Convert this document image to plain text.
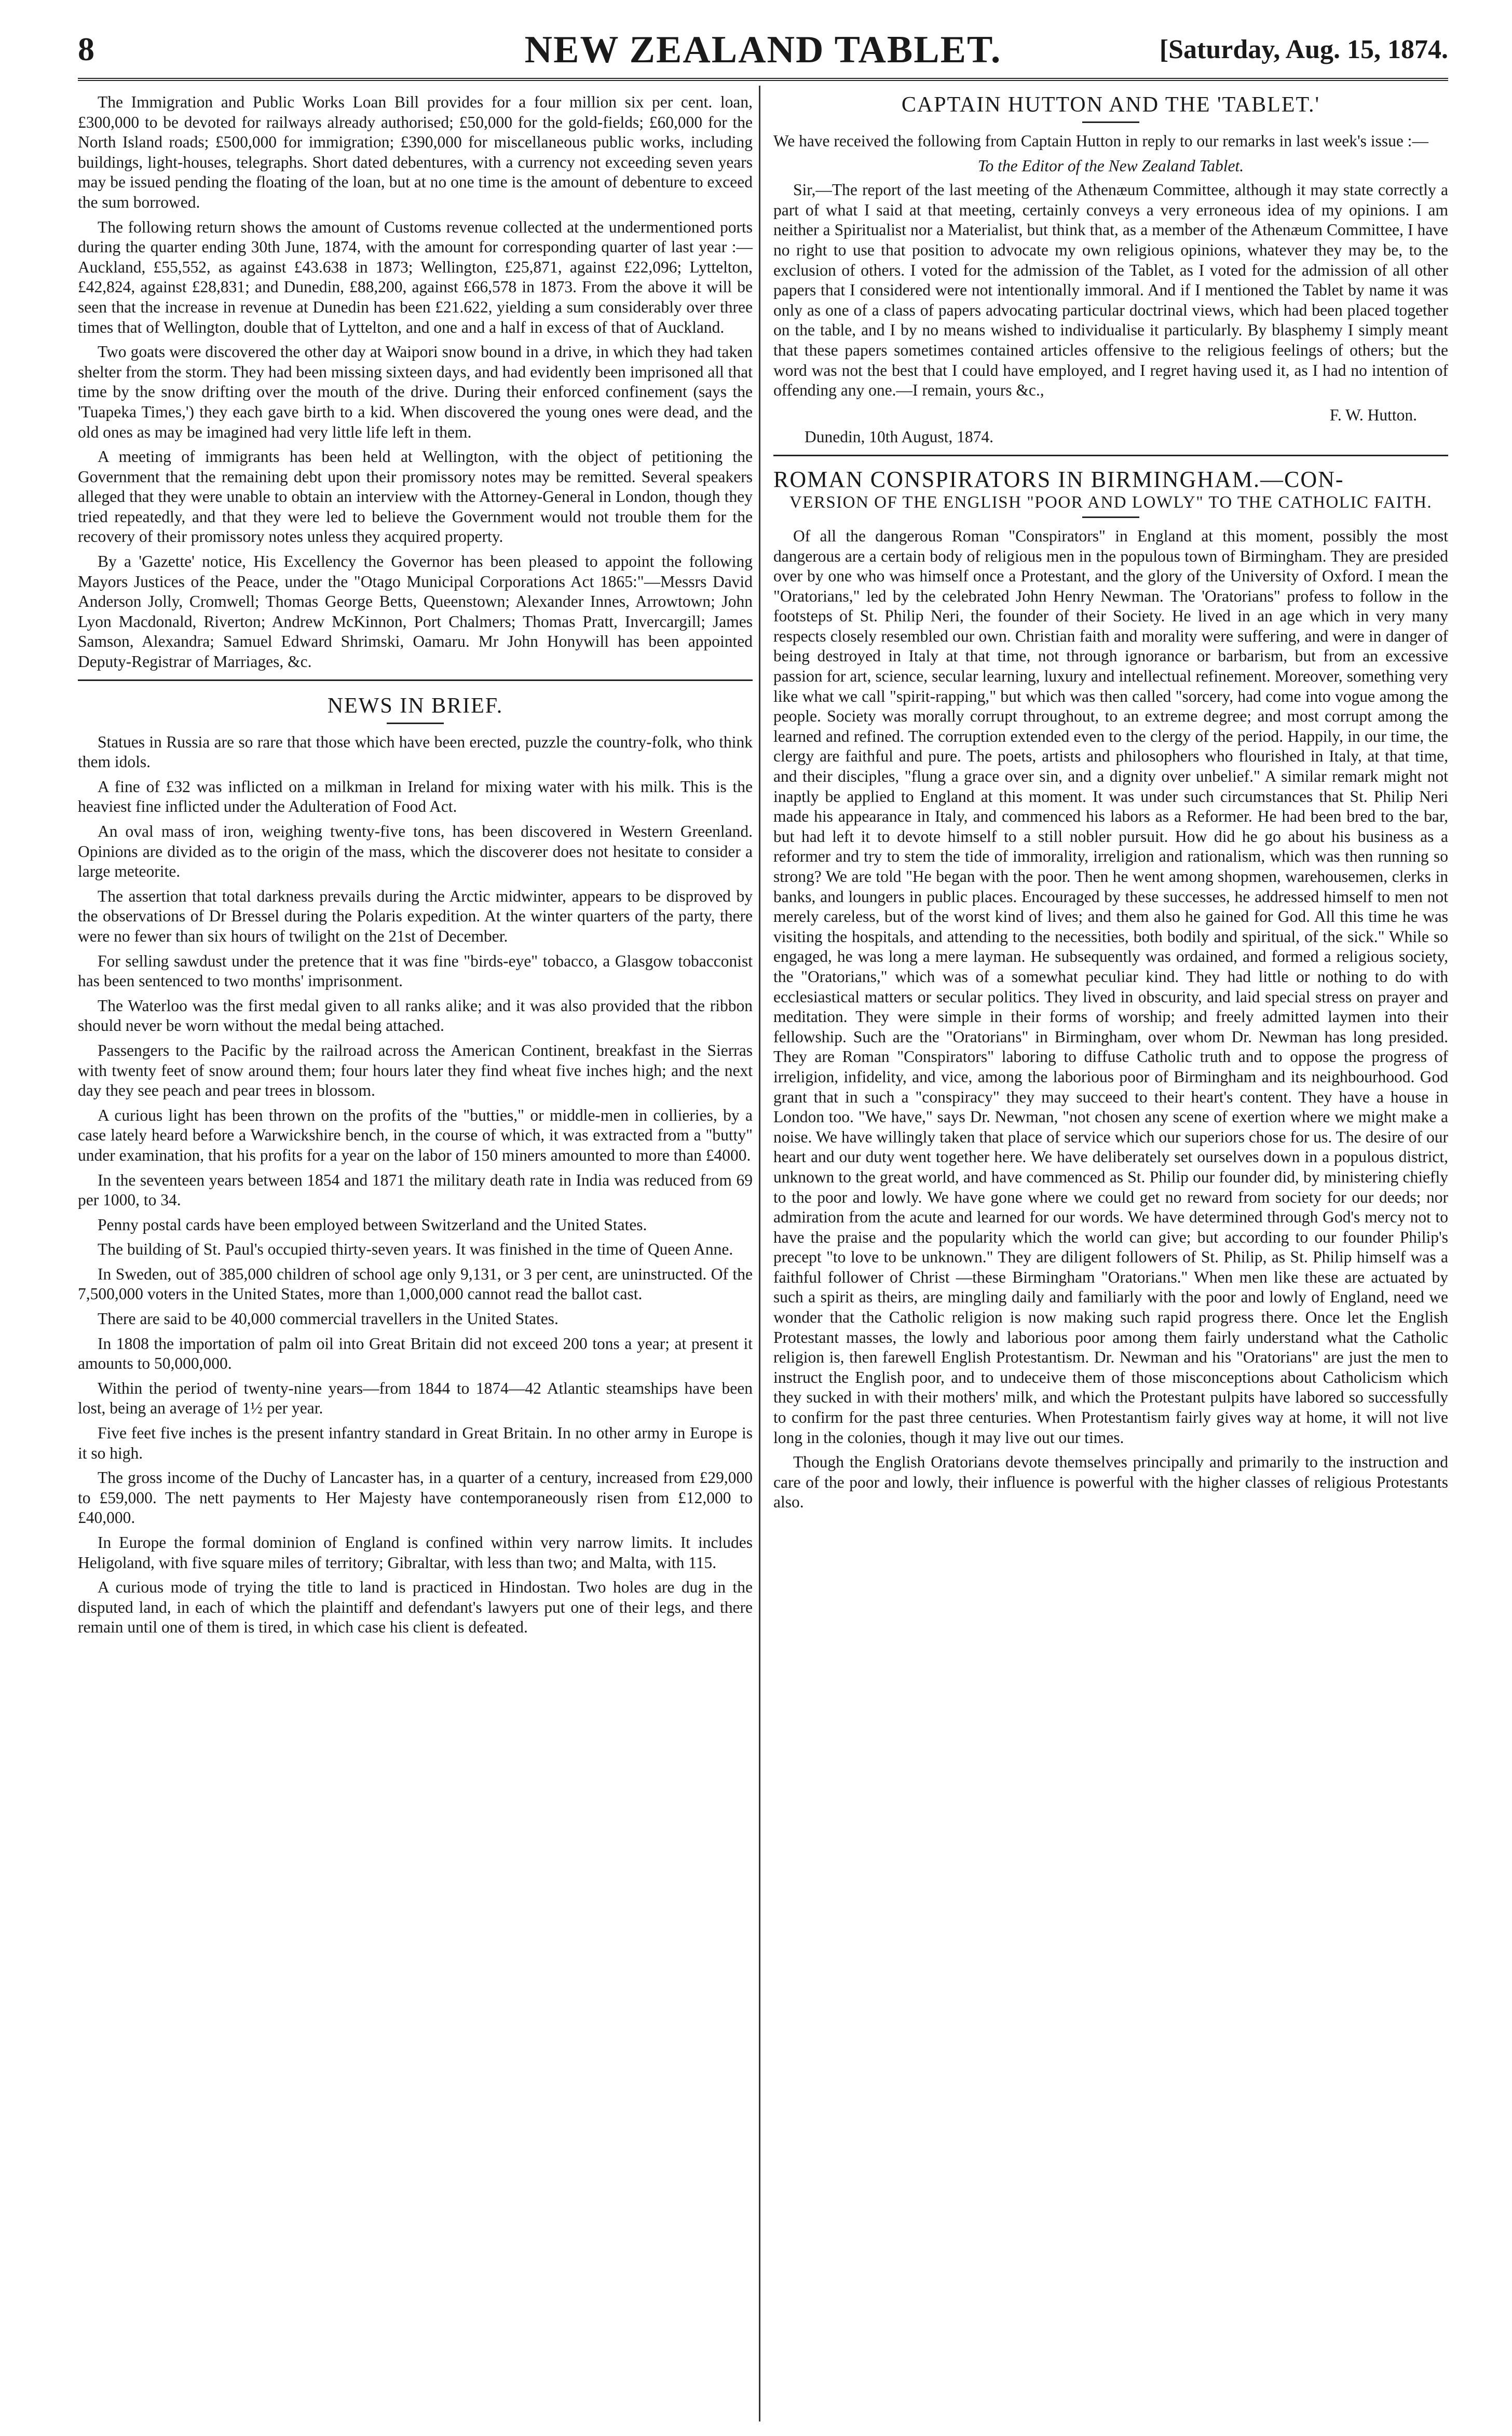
8	NEW ZEALAND TABLET.	[Saturday, Aug. 15, 1874.

The Immigration and Public Works Loan Bill provides for a four million six per cent. loan, £300,000 to be devoted for railways already authorised; £50,000 for the gold-fields; £60,000 for the North Island roads; £500,000 for immigration; £390,000 for miscellaneous public works, including buildings, light-houses, telegraphs. Short dated debentures, with a currency not exceeding seven years may be issued pending the floating of the loan, but at no one time is the amount of debenture to exceed the sum borrowed.

The following return shows the amount of Customs revenue collected at the undermentioned ports during the quarter ending 30th June, 1874, with the amount for corresponding quarter of last year :— Auckland, £55,552, as against £43.638 in 1873; Wellington, £25,871, against £22,096; Lyttelton, £42,824, against £28,831; and Dunedin, £88,200, against £66,578 in 1873. From the above it will be seen that the increase in revenue at Dunedin has been £21.622, yielding a sum considerably over three times that of Wellington, double that of Lyttelton, and one and a half in excess of that of Auckland.

Two goats were discovered the other day at Waipori snow bound in a drive, in which they had taken shelter from the storm. They had been missing sixteen days, and had evidently been imprisoned all that time by the snow drifting over the mouth of the drive. During their enforced confinement (says the 'Tuapeka Times,') they each gave birth to a kid. When discovered the young ones were dead, and the old ones as may be imagined had very little life left in them.

A meeting of immigrants has been held at Wellington, with the object of petitioning the Government that the remaining debt upon their promissory notes may be remitted. Several speakers alleged that they were unable to obtain an interview with the Attorney-General in London, though they tried repeatedly, and that they were led to believe the Government would not trouble them for the recovery of their promissory notes unless they acquired property.

By a 'Gazette' notice, His Excellency the Governor has been pleased to appoint the following Mayors Justices of the Peace, under the "Otago Municipal Corporations Act 1865:"—Messrs David Anderson Jolly, Cromwell; Thomas George Betts, Queenstown; Alexander Innes, Arrowtown; John Lyon Macdonald, Riverton; Andrew McKinnon, Port Chalmers; Thomas Pratt, Invercargill; James Samson, Alexandra; Samuel Edward Shrimski, Oamaru. Mr John Honywill has been appointed Deputy-Registrar of Marriages, &c.

NEWS IN BRIEF.

Statues in Russia are so rare that those which have been erected, puzzle the country-folk, who think them idols.

A fine of £32 was inflicted on a milkman in Ireland for mixing water with his milk. This is the heaviest fine inflicted under the Adulteration of Food Act.

An oval mass of iron, weighing twenty-five tons, has been discovered in Western Greenland. Opinions are divided as to the origin of the mass, which the discoverer does not hesitate to consider a large meteorite.

The assertion that total darkness prevails during the Arctic midwinter, appears to be disproved by the observations of Dr Bressel during the Polaris expedition. At the winter quarters of the party, there were no fewer than six hours of twilight on the 21st of December.

For selling sawdust under the pretence that it was fine "birds-eye" tobacco, a Glasgow tobacconist has been sentenced to two months' imprisonment.

The Waterloo was the first medal given to all ranks alike; and it was also provided that the ribbon should never be worn without the medal being attached.

Passengers to the Pacific by the railroad across the American Continent, breakfast in the Sierras with twenty feet of snow around them; four hours later they find wheat five inches high; and the next day they see peach and pear trees in blossom.

A curious light has been thrown on the profits of the "butties," or middle-men in collieries, by a case lately heard before a Warwickshire bench, in the course of which, it was extracted from a "butty" under examination, that his profits for a year on the labor of 150 miners amounted to more than £4000.

In the seventeen years between 1854 and 1871 the military death rate in India was reduced from 69 per 1000, to 34.

Penny postal cards have been employed between Switzerland and the United States.

The building of St. Paul's occupied thirty-seven years. It was finished in the time of Queen Anne.

In Sweden, out of 385,000 children of school age only 9,131, or 3 per cent, are uninstructed. Of the 7,500,000 voters in the United States, more than 1,000,000 cannot read the ballot cast.

There are said to be 40,000 commercial travellers in the United States.

In 1808 the importation of palm oil into Great Britain did not exceed 200 tons a year; at present it amounts to 50,000,000.

Within the period of twenty-nine years—from 1844 to 1874—42 Atlantic steamships have been lost, being an average of 1½ per year.

Five feet five inches is the present infantry standard in Great Britain. In no other army in Europe is it so high.

The gross income of the Duchy of Lancaster has, in a quarter of a century, increased from £29,000 to £59,000. The nett payments to Her Majesty have contemporaneously risen from £12,000 to £40,000.

In Europe the formal dominion of England is confined within very narrow limits. It includes Heligoland, with five square miles of territory; Gibraltar, with less than two; and Malta, with 115.

A curious mode of trying the title to land is practiced in Hindostan. Two holes are dug in the disputed land, in each of which the plaintiff and defendant's lawyers put one of their legs, and there remain until one of them is tired, in which case his client is defeated.

CAPTAIN HUTTON AND THE 'TABLET.'

We have received the following from Captain Hutton in reply to our remarks in last week's issue :—

To the Editor of the New Zealand Tablet.

Sir,—The report of the last meeting of the Athenæum Committee, although it may state correctly a part of what I said at that meeting, certainly conveys a very erroneous idea of my opinions. I am neither a Spiritualist nor a Materialist, but think that, as a member of the Athenæum Committee, I have no right to use that position to advocate my own religious opinions, whatever they may be, to the exclusion of others. I voted for the admission of the Tablet, as I voted for the admission of all other papers that I considered were not intentionally immoral. And if I mentioned the Tablet by name it was only as one of a class of papers advocating particular doctrinal views, which had been placed together on the table, and I by no means wished to individualise it particularly. By blasphemy I simply meant that these papers sometimes contained articles offensive to the religious feelings of others; but the word was not the best that I could have employed, and I regret having used it, as I had no intention of offending any one.—I remain, yours &c.,

F. W. Hutton.
Dunedin, 10th August, 1874.
ROMAN CONSPIRATORS IN BIRMINGHAM.—CON-
VERSION OF THE ENGLISH "POOR AND LOWLY" TO THE CATHOLIC FAITH.

Of all the dangerous Roman "Conspirators" in England at this moment, possibly the most dangerous are a certain body of religious men in the populous town of Birmingham. They are presided over by one who was himself once a Protestant, and the glory of the University of Oxford. I mean the "Oratorians," led by the celebrated John Henry Newman. The 'Oratorians" profess to follow in the footsteps of St. Philip Neri, the founder of their Society. He lived in an age which in very many respects closely resembled our own. Christian faith and morality were suffering, and were in danger of being destroyed in Italy at that time, not through ignorance or barbarism, but from an excessive passion for art, science, secular learning, luxury and intellectual refinement. Moreover, something very like what we call "spirit-rapping," but which was then called "sorcery, had come into vogue among the people. Society was morally corrupt throughout, to an extreme degree; and most corrupt among the learned and refined. The corruption extended even to the clergy of the period. Happily, in our time, the clergy are faithful and pure. The poets, artists and philosophers who flourished in Italy, at that time, and their disciples, "flung a grace over sin, and a dignity over unbelief." A similar remark might not inaptly be applied to England at this moment. It was under such circumstances that St. Philip Neri made his appearance in Italy, and commenced his labors as a Reformer. He had been bred to the bar, but had left it to devote himself to a still nobler pursuit. How did he go about his business as a reformer and try to stem the tide of immorality, irreligion and rationalism, which was then running so strong? We are told "He began with the poor. Then he went among shopmen, warehousemen, clerks in banks, and loungers in public places. Encouraged by these successes, he addressed himself to men not merely careless, but of the worst kind of lives; and them also he gained for God. All this time he was visiting the hospitals, and attending to the necessities, both bodily and spiritual, of the sick." While so engaged, he was long a mere layman. He subsequently was ordained, and formed a religious society, the "Oratorians," which was of a somewhat peculiar kind. They had little or nothing to do with ecclesiastical matters or secular politics. They lived in obscurity, and laid special stress on prayer and meditation. They were simple in their forms of worship; and freely admitted laymen into their fellowship. Such are the "Oratorians" in Birmingham, over whom Dr. Newman has long presided. They are Roman "Conspirators" laboring to diffuse Catholic truth and to oppose the progress of irreligion, infidelity, and vice, among the laborious poor of Birmingham and its neighbourhood. God grant that in such a "conspiracy" they may succeed to their heart's content. They have a house in London too. "We have," says Dr. Newman, "not chosen any scene of exertion where we might make a noise. We have willingly taken that place of service which our superiors chose for us. The desire of our heart and our duty went together here. We have deliberately set ourselves down in a populous district, unknown to the great world, and have commenced as St. Philip our founder did, by ministering chiefly to the poor and lowly. We have gone where we could get no reward from society for our deeds; nor admiration from the acute and learned for our words. We have determined through God's mercy not to have the praise and the popularity which the world can give; but according to our founder Philip's precept "to love to be unknown." They are diligent followers of St. Philip, as St. Philip himself was a faithful follower of Christ —these Birmingham "Oratorians." When men like these are actuated by such a spirit as theirs, are mingling daily and familiarly with the poor and lowly of England, need we wonder that the Catholic religion is now making such rapid progress there. Once let the English Protestant masses, the lowly and laborious poor among them fairly understand what the Catholic religion is, then farewell English Protestantism. Dr. Newman and his "Oratorians" are just the men to instruct the English poor, and to undeceive them of those misconceptions about Catholicism which they sucked in with their mothers' milk, and which the Protestant pulpits have labored so successfully to confirm for the past three centuries. When Protestantism fairly gives way at home, it will not live long in the colonies, though it may live out our times.

Though the English Oratorians devote themselves principally and primarily to the instruction and care of the poor and lowly, their influence is powerful with the higher classes of religious Protestants also.
